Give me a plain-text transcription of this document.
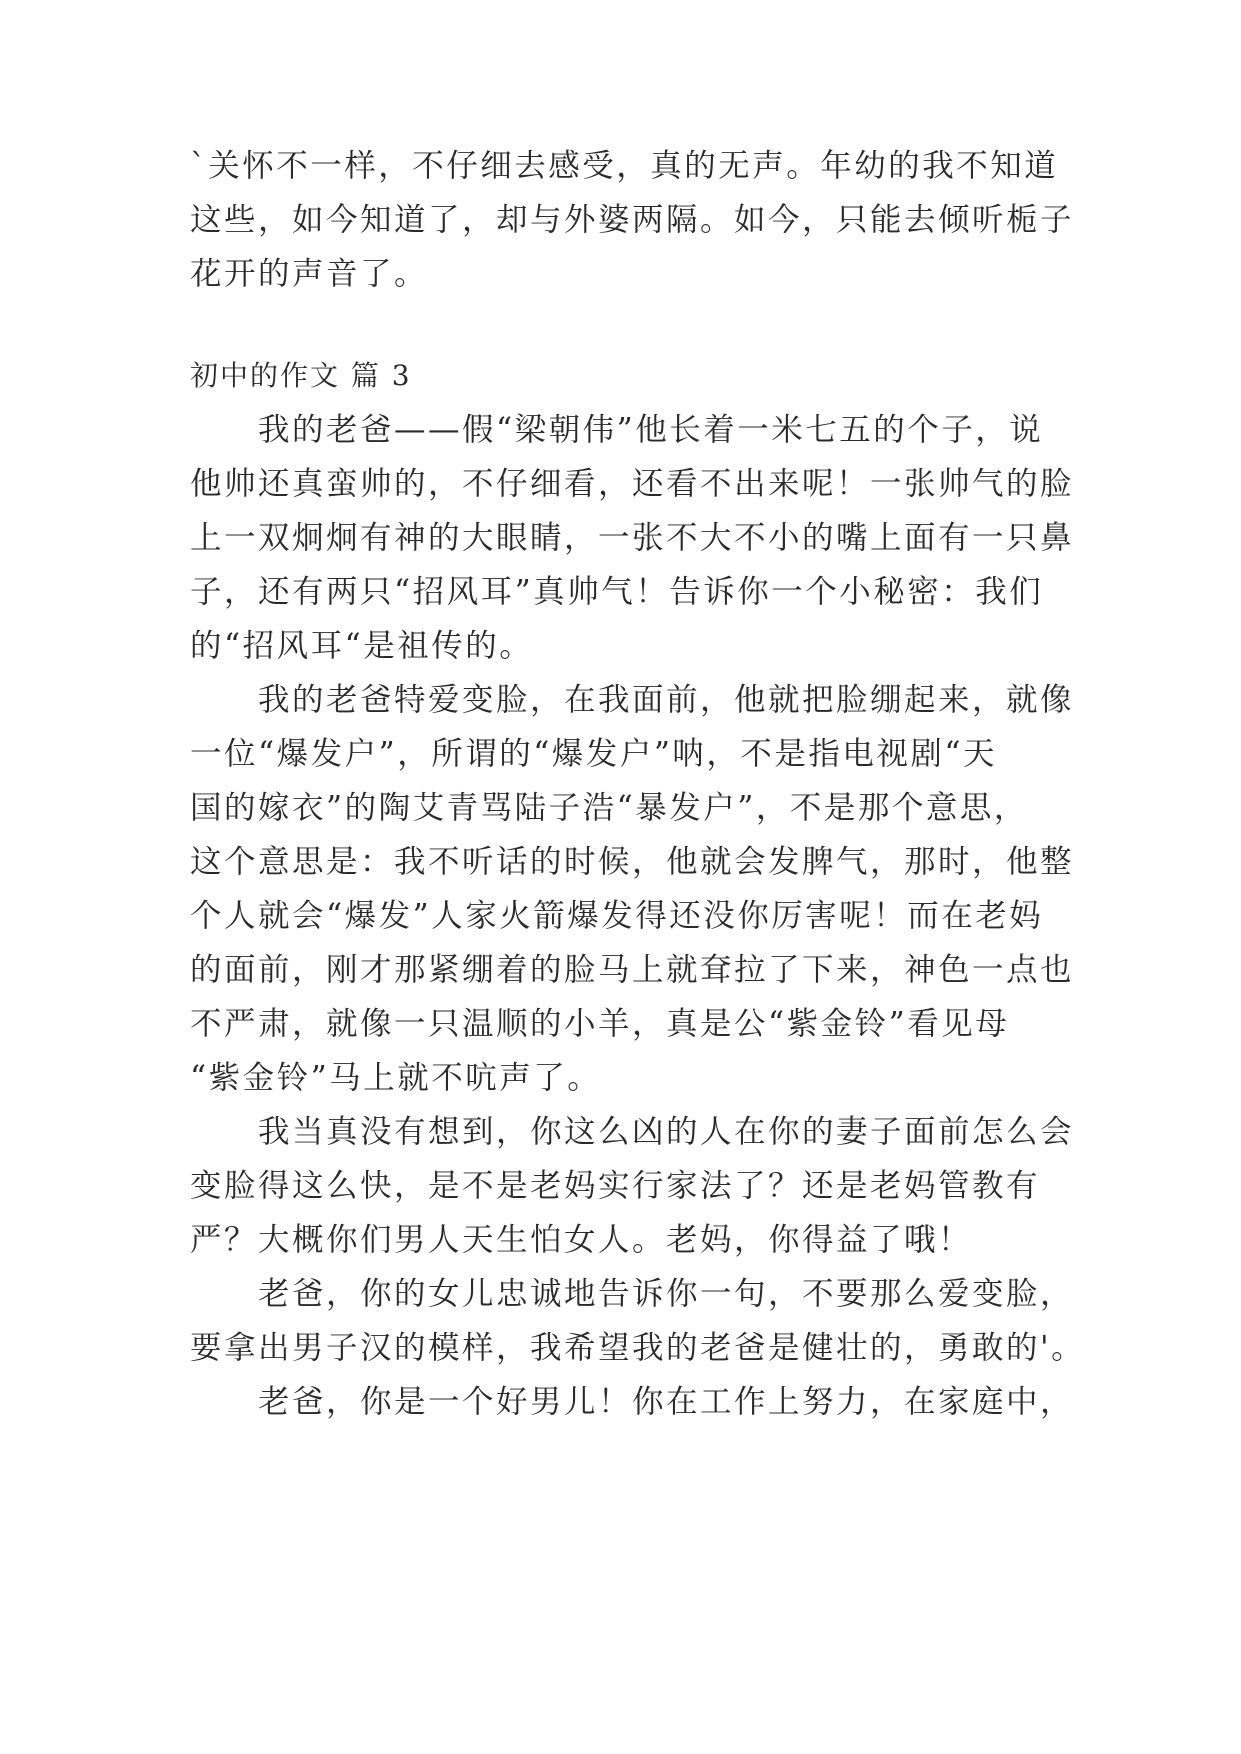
`关怀不一样，不仔细去感受，真的无声。年幼的我不知道
这些，如今知道了，却与外婆两隔。如今，只能去倾听栀子
花开的声音了。
初中的作文 篇 3
我的老爸——假“梁朝伟”他长着一米七五的个子，说
他帅还真蛮帅的，不仔细看，还看不出来呢！一张帅气的脸
上一双炯炯有神的大眼睛，一张不大不小的嘴上面有一只鼻
子，还有两只“招风耳”真帅气！告诉你一个小秘密：我们
的“招风耳“是祖传的。
我的老爸特爱变脸，在我面前，他就把脸绷起来，就像
一位“爆发户”，所谓的“爆发户”呐，不是指电视剧“天
国的嫁衣”的陶艾青骂陆子浩“暴发户”，不是那个意思，
这个意思是：我不听话的时候，他就会发脾气，那时，他整
个人就会“爆发”人家火箭爆发得还没你厉害呢！而在老妈
的面前，刚才那紧绷着的脸马上就耷拉了下来，神色一点也
不严肃，就像一只温顺的小羊，真是公“紫金铃”看见母
“紫金铃”马上就不吭声了。
我当真没有想到，你这么凶的人在你的妻子面前怎么会
变脸得这么快，是不是老妈实行家法了？还是老妈管教有
严？大概你们男人天生怕女人。老妈，你得益了哦！
老爸，你的女儿忠诚地告诉你一句，不要那么爱变脸，
要拿出男子汉的模样，我希望我的老爸是健壮的，勇敢的'。
老爸，你是一个好男儿！你在工作上努力，在家庭中，
